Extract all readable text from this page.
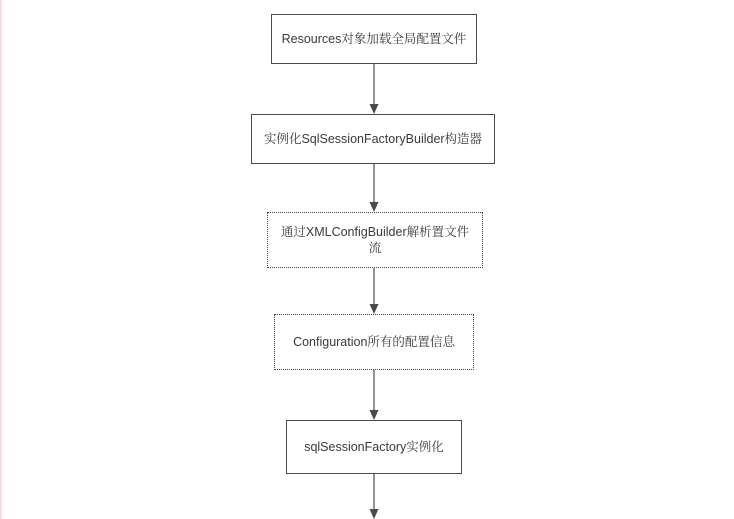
Resources对象加载全局配置文件
实例化SqlSessionFactoryBuilder构造器
通过XMLConfigBuilder解析置文件流
Configuration所有的配置信息
sqlSessionFactory实例化
